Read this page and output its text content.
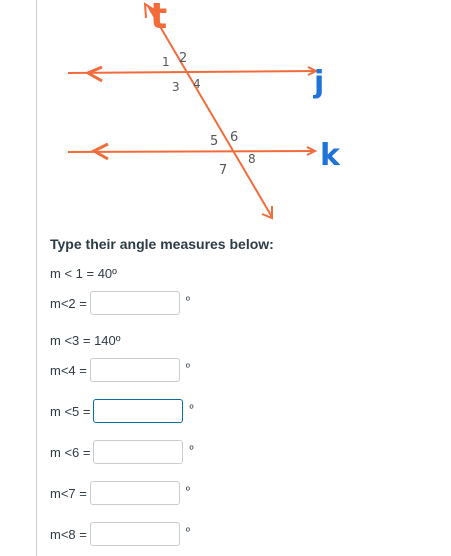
t
j
k
1 2
3 4
5 6
7
8
Type their angle measures below:
m < 1 = 40º
m<2 =	º
m <3 = 140º
m<4 =	º
m <5 =	º
m <6 =	º
m<7 =	º
m<8 =	º
